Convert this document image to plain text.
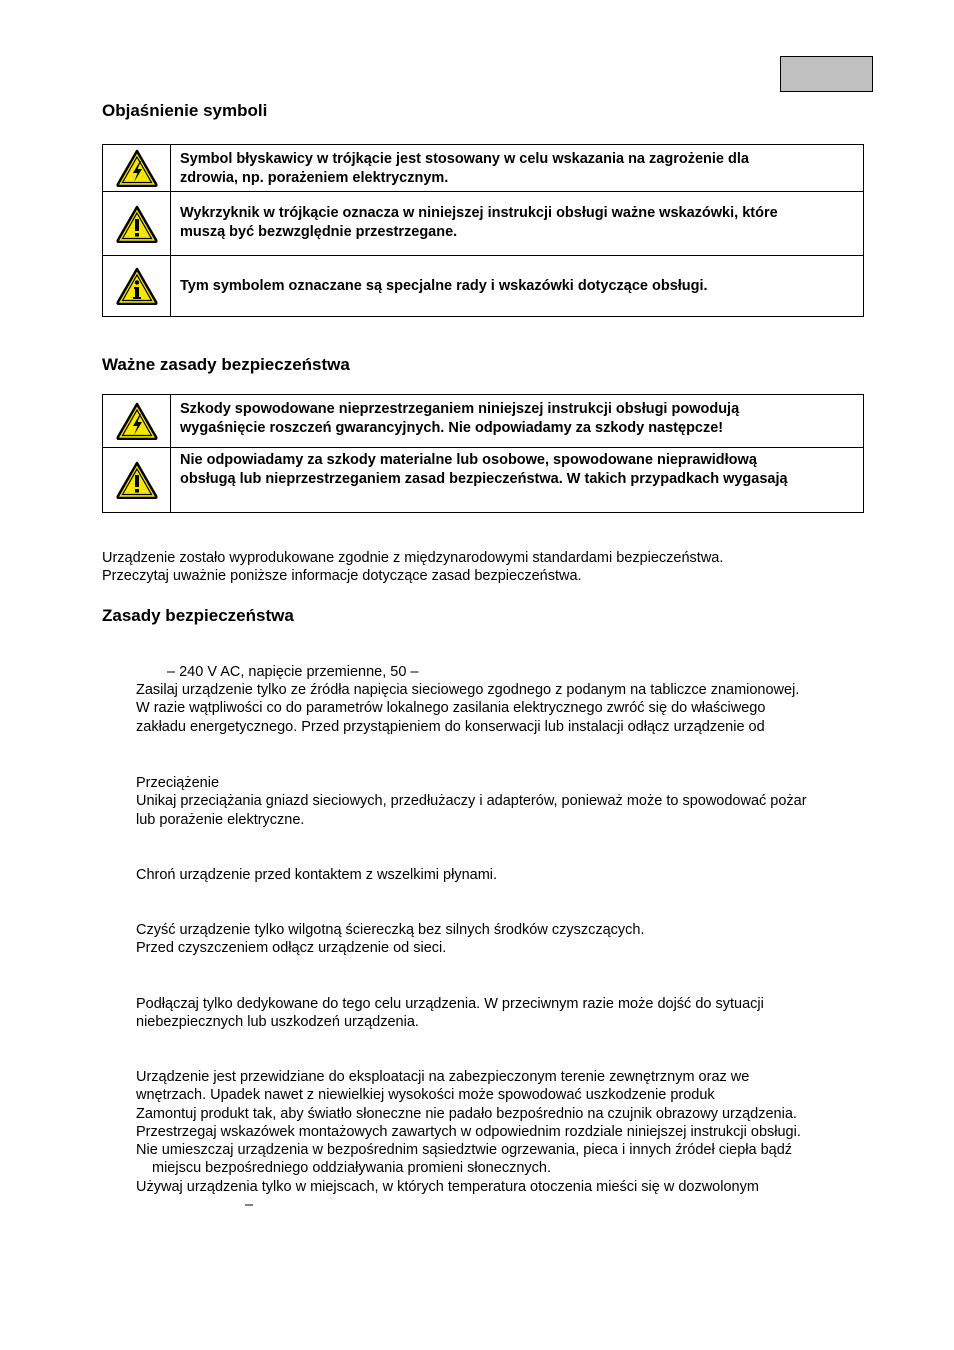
Objaśnienie symboli

Symbol błyskawicy w trójkącie jest stosowany w celu wskazania na zagrożenie dla
zdrowia, np. porażeniem elektrycznym.

Wykrzyknik w trójkącie oznacza w niniejszej instrukcji obsługi ważne wskazówki, które
muszą być bezwzględnie przestrzegane.

Tym symbolem oznaczane są specjalne rady i wskazówki dotyczące obsługi.
Ważne zasady bezpieczeństwa

Szkody spowodowane nieprzestrzeganiem niniejszej instrukcji obsługi powodują
wygaśnięcie roszczeń gwarancyjnych. Nie odpowiadamy za szkody następcze!

Nie odpowiadamy za szkody materialne lub osobowe, spowodowane nieprawidłową
obsługą lub nieprzestrzeganiem zasad bezpieczeństwa. W takich przypadkach wygasają
Urządzenie zostało wyprodukowane zgodnie z międzynarodowymi standardami bezpieczeństwa.
Przeczytaj uważnie poniższe informacje dotyczące zasad bezpieczeństwa.
Zasady bezpieczeństwa
– 240 V AC, napięcie przemienne, 50 –
Zasilaj urządzenie tylko ze źródła napięcia sieciowego zgodnego z podanym na tabliczce znamionowej.
W razie wątpliwości co do parametrów lokalnego zasilania elektrycznego zwróć się do właściwego
zakładu energetycznego. Przed przystąpieniem do konserwacji lub instalacji odłącz urządzenie od
Przeciążenie
Unikaj przeciążania gniazd sieciowych, przedłużaczy i adapterów, ponieważ może to spowodować pożar
lub porażenie elektryczne.
Chroń urządzenie przed kontaktem z wszelkimi płynami.
Czyść urządzenie tylko wilgotną ściereczką bez silnych środków czyszczących.
Przed czyszczeniem odłącz urządzenie od sieci.
Podłączaj tylko dedykowane do tego celu urządzenia. W przeciwnym razie może dojść do sytuacji
niebezpiecznych lub uszkodzeń urządzenia.
Urządzenie jest przewidziane do eksploatacji na zabezpieczonym terenie zewnętrznym oraz we
wnętrzach. Upadek nawet z niewielkiej wysokości może spowodować uszkodzenie produk
Zamontuj produkt tak, aby światło słoneczne nie padało bezpośrednio na czujnik obrazowy urządzenia.
Przestrzegaj wskazówek montażowych zawartych w odpowiednim rozdziale niniejszej instrukcji obsługi.
Nie umieszczaj urządzenia w bezpośrednim sąsiedztwie ogrzewania, pieca i innych źródeł ciepła bądź
miejscu bezpośredniego oddziaływania promieni słonecznych.
Używaj urządzenia tylko w miejscach, w których temperatura otoczenia mieści się w dozwolonym
–
